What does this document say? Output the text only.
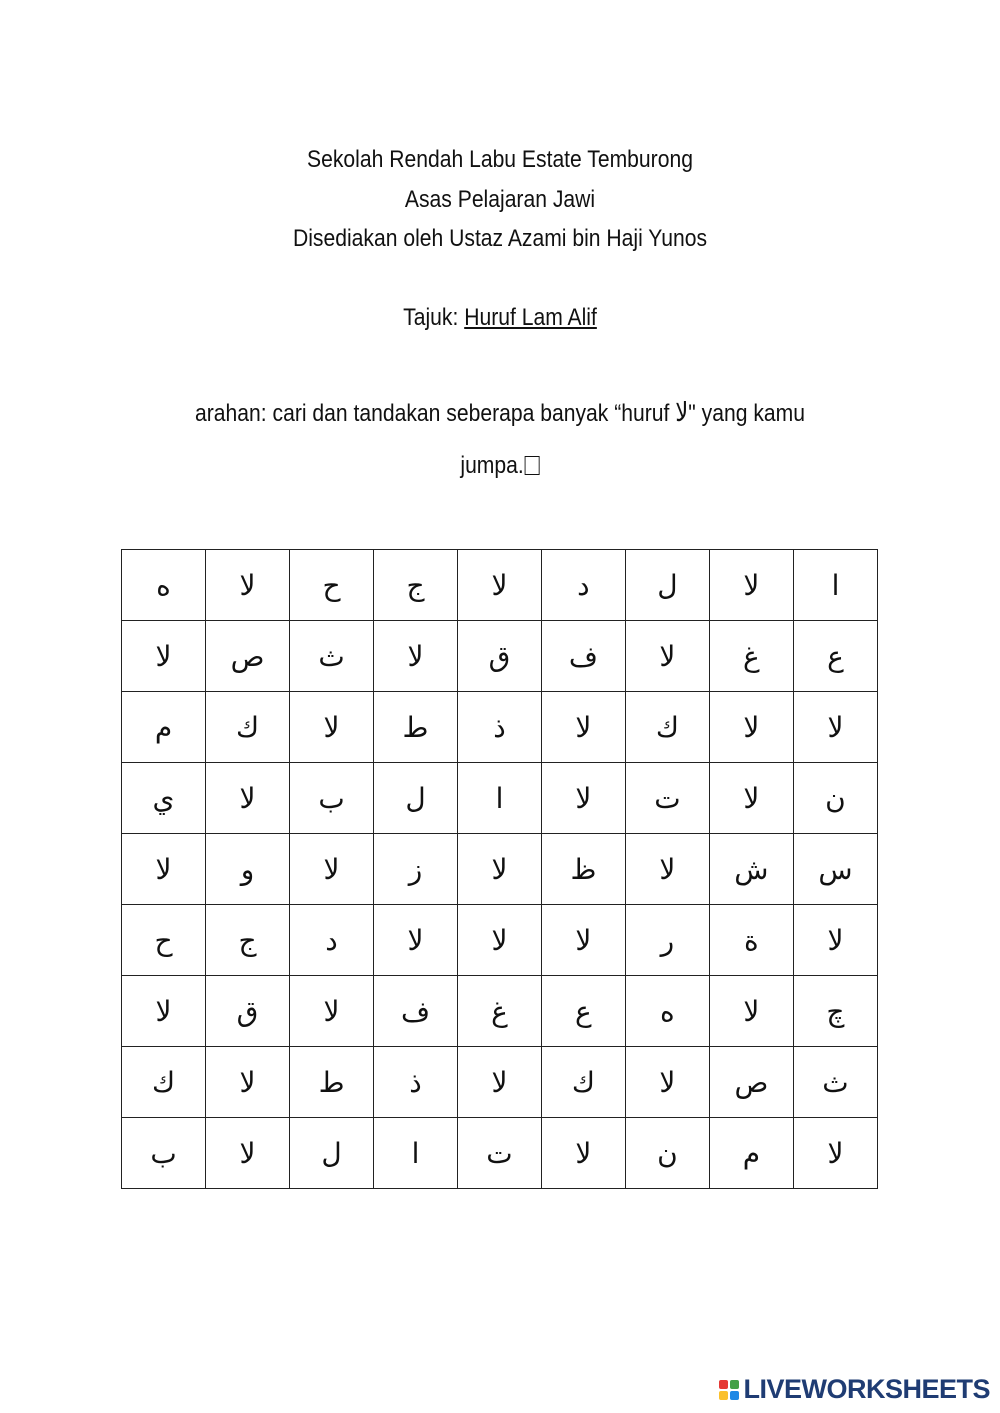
Sekolah Rendah Labu Estate Temburong
Asas Pelajaran Jawi
Disediakan oleh Ustaz Azami bin Haji Yunos
Tajuk: Huruf Lam Alif
arahan: cari dan tandakan seberapa banyak “huruf لا" yang kamu
jumpa.
ا	لا	ل	د	لا	ج	ح	لا	ه
ع	غ	لا	ف	ق	لا	ث	ص	لا
لا	لا	ك	لا	ذ	ط	لا	ك	م
ن	لا	ت	لا	ا	ل	ب	لا	ي
س	ش	لا	ظ	لا	ز	لا	و	لا
لا	ة	ر	لا	لا	لا	د	ج	ح
چ	لا	ه	ع	غ	ف	لا	ق	لا
ث	ص	لا	ك	لا	ذ	ط	لا	ك
لا	م	ن	لا	ت	ا	ل	لا	ب
LIVEWORKSHEETS
